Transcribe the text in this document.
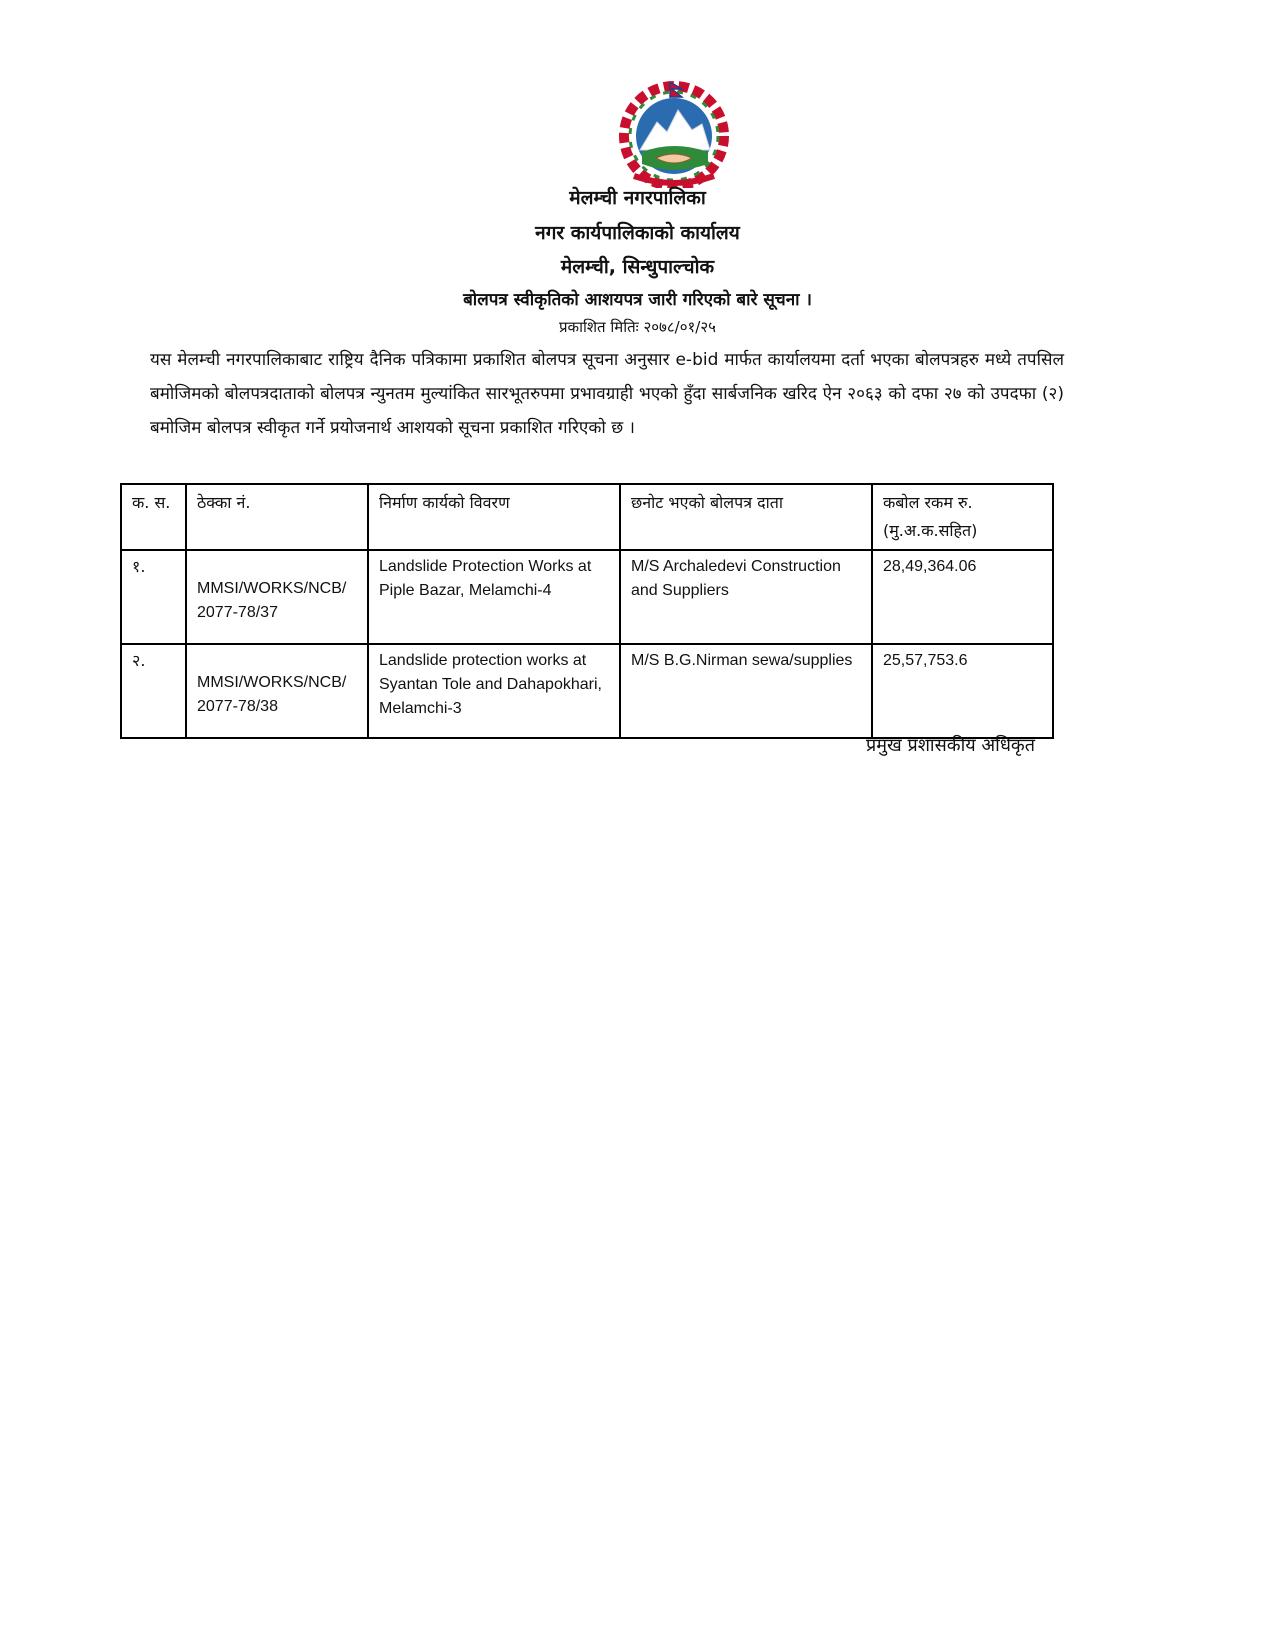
मेलम्ची नगरपालिका
नगर कार्यपालिकाको कार्यालय
मेलम्ची, सिन्धुपाल्चोक
बोलपत्र स्वीकृतिको आशयपत्र जारी गरिएको बारे सूचना ।
प्रकाशित मितिः २०७८/०१/२५
यस मेलम्ची नगरपालिकाबाट राष्ट्रिय दैनिक पत्रिकामा प्रकाशित बोलपत्र सूचना अनुसार e-bid मार्फत कार्यालयमा दर्ता भएका बोलपत्रहरु मध्ये तपसिल बमोजिमको बोलपत्रदाताको बोलपत्र न्युनतम मुल्यांकित सारभूतरुपमा प्रभावग्राही भएको हुँदा सार्बजनिक खरिद ऐन २०६३ को दफा २७ को उपदफा (२) बमोजिम बोलपत्र स्वीकृत गर्ने प्रयोजनार्थ आशयको सूचना प्रकाशित गरिएको छ ।
क. स.	ठेक्का नं.	निर्माण कार्यको विवरण	छनोट भएको बोलपत्र दाता	कबोल रकम रु. (मु.अ.क.सहित)
१.	MMSI/WORKS/NCB/ 2077-78/37	Landslide Protection Works at Piple Bazar, Melamchi-4	M/S Archaledevi Construction and Suppliers	28,49,364.06
२.	MMSI/WORKS/NCB/ 2077-78/38	Landslide protection works at Syantan Tole and Dahapokhari, Melamchi-3	M/S B.G.Nirman sewa/supplies	25,57,753.6
प्रमुख प्रशासकीय अधिकृत
